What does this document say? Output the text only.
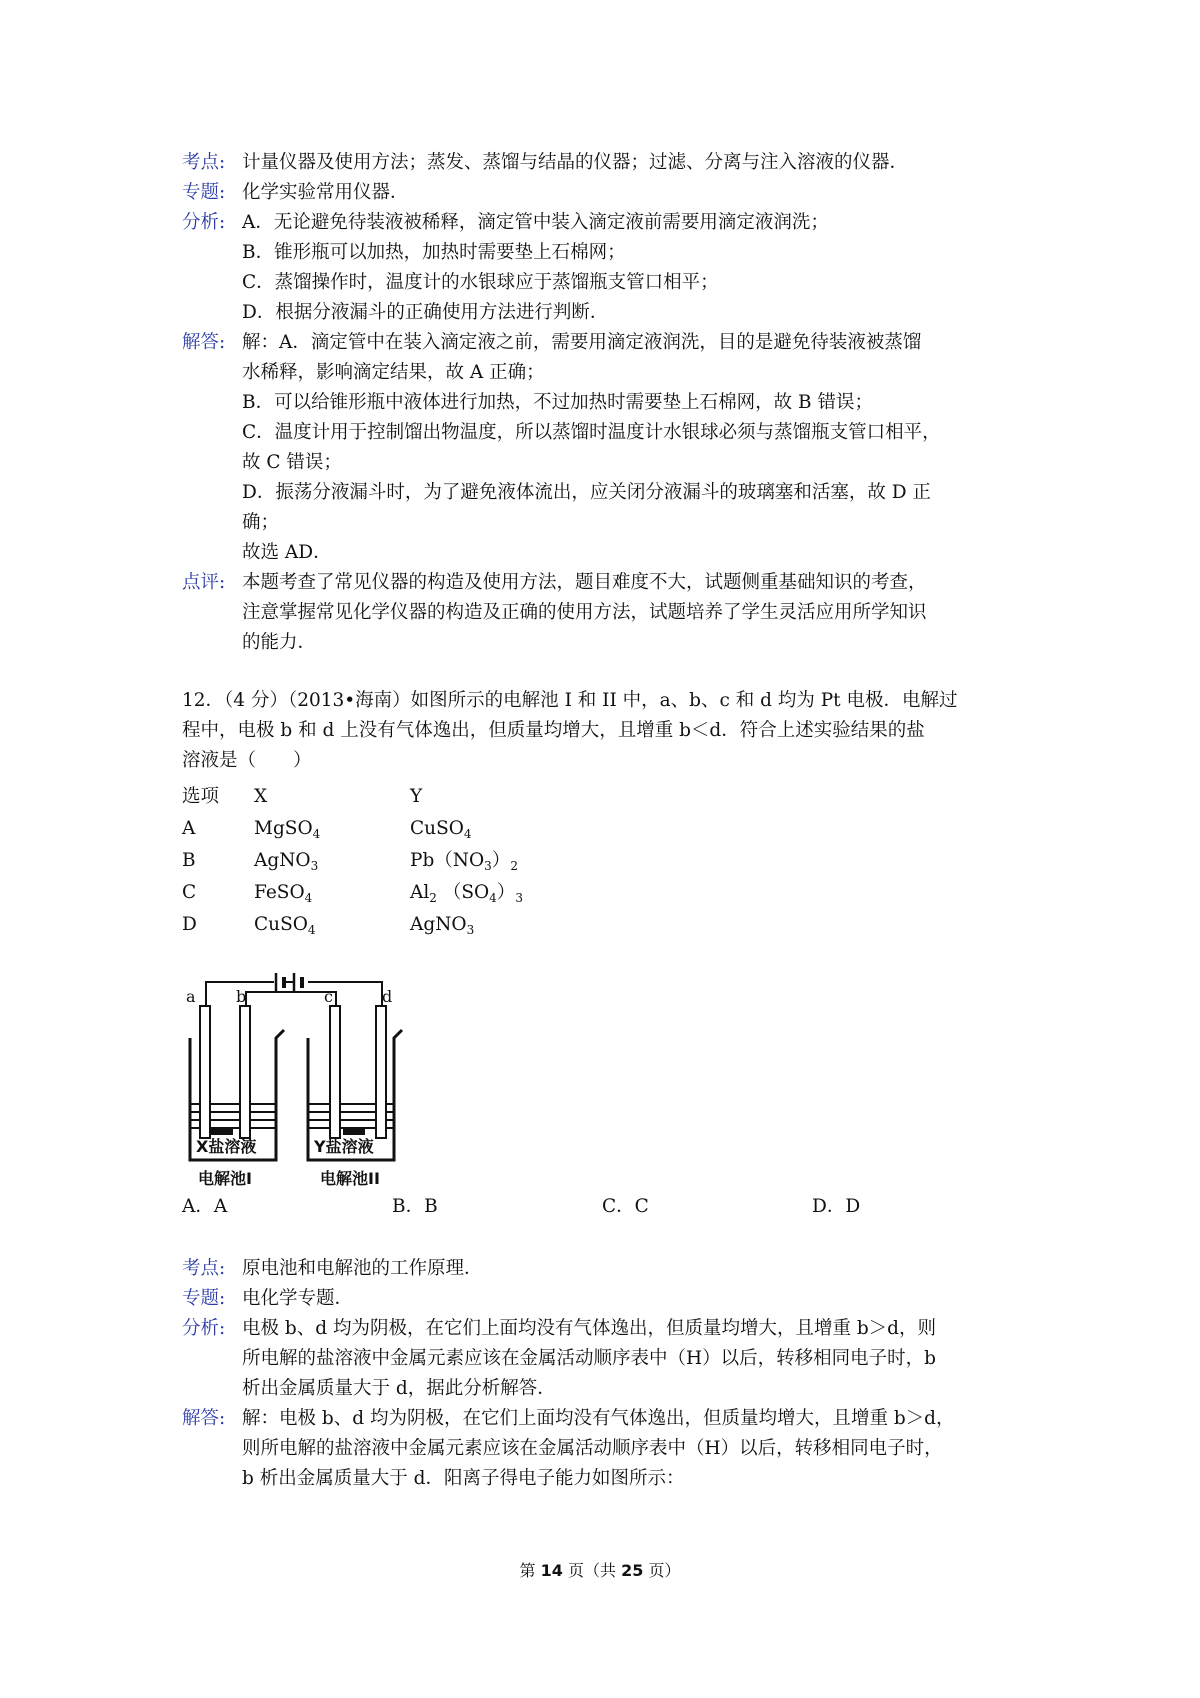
考点: 计量仪器及使用方法；蒸发、蒸馏与结晶的仪器；过滤、分离与注入溶液的仪器．
专题: 化学实验常用仪器．
分析: A．无论避免待装液被稀释，滴定管中装入滴定液前需要用滴定液润洗；
B．锥形瓶可以加热，加热时需要垫上石棉网；
C．蒸馏操作时，温度计的水银球应于蒸馏瓶支管口相平；
D．根据分液漏斗的正确使用方法进行判断．
解答: 解：A．滴定管中在装入滴定液之前，需要用滴定液润洗，目的是避免待装液被蒸馏
水稀释，影响滴定结果，故 A 正确；
B．可以给锥形瓶中液体进行加热，不过加热时需要垫上石棉网，故 B 错误；
C．温度计用于控制馏出物温度，所以蒸馏时温度计水银球必须与蒸馏瓶支管口相平，
故 C 错误；
D．振荡分液漏斗时，为了避免液体流出，应关闭分液漏斗的玻璃塞和活塞，故 D 正
确；
故选 AD．
点评: 本题考查了常见仪器的构造及使用方法，题目难度不大，试题侧重基础知识的考查，
注意掌握常见化学仪器的构造及正确的使用方法，试题培养了学生灵活应用所学知识
的能力．
12．（4 分）（2013•海南）如图所示的电解池 I 和 II 中，a、b、c 和 d 均为 Pt 电极．电解过
程中，电极 b 和 d 上没有气体逸出，但质量均增大，且增重 b＜d．符合上述实验结果的盐
溶液是（　　）
选项 X	Y
A	MgSO$_4$	CuSO$_4$
B	AgNO$_3$	$Pb(NO_3)_2$
C	FeSO$_4$	$Al_2$ $(SO_4)_3$
D	CuSO$_4$	AgNO$_3$
a	b	c	d
X盐溶液	Y盐溶液
电解池I	电解池II
A．A	B．B	C．C	D．D
考点: 原电池和电解池的工作原理．
专题: 电化学专题．
分析: 电极 b、d 均为阴极，在它们上面均没有气体逸出，但质量均增大，且增重 b＞d，则
所电解的盐溶液中金属元素应该在金属活动顺序表中（H）以后，转移相同电子时，b
析出金属质量大于 d，据此分析解答．
解答: 解：电极 b、d 均为阴极，在它们上面均没有气体逸出，但质量均增大，且增重 b＞d，
则所电解的盐溶液中金属元素应该在金属活动顺序表中（H）以后，转移相同电子时，
b 析出金属质量大于 d．阳离子得电子能力如图所示：
第 14 页（共 25 页）
